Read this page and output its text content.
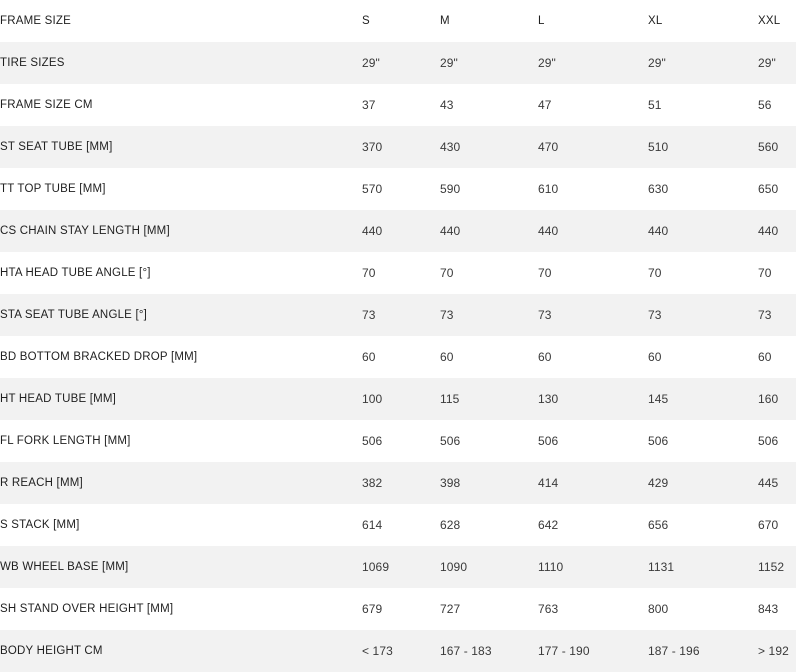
FRAME SIZE	S	M	L	XL	XXL
TIRE SIZES	29"	29"	29"	29"	29"
FRAME SIZE CM	37	43	47	51	56
ST SEAT TUBE [MM]	370	430	470	510	560
TT TOP TUBE [MM]	570	590	610	630	650
CS CHAIN STAY LENGTH [MM]	440	440	440	440	440
HTA HEAD TUBE ANGLE [°]	70	70	70	70	70
STA SEAT TUBE ANGLE [°]	73	73	73	73	73
BD BOTTOM BRACKED DROP [MM]	60	60	60	60	60
HT HEAD TUBE [MM]	100	115	130	145	160
FL FORK LENGTH [MM]	506	506	506	506	506
R REACH [MM]	382	398	414	429	445
S STACK [MM]	614	628	642	656	670
WB WHEEL BASE [MM]	1069	1090	1110	1131	1152
SH STAND OVER HEIGHT [MM]	679	727	763	800	843
BODY HEIGHT CM	< 173	167 - 183	177 - 190	187 - 196	> 192
